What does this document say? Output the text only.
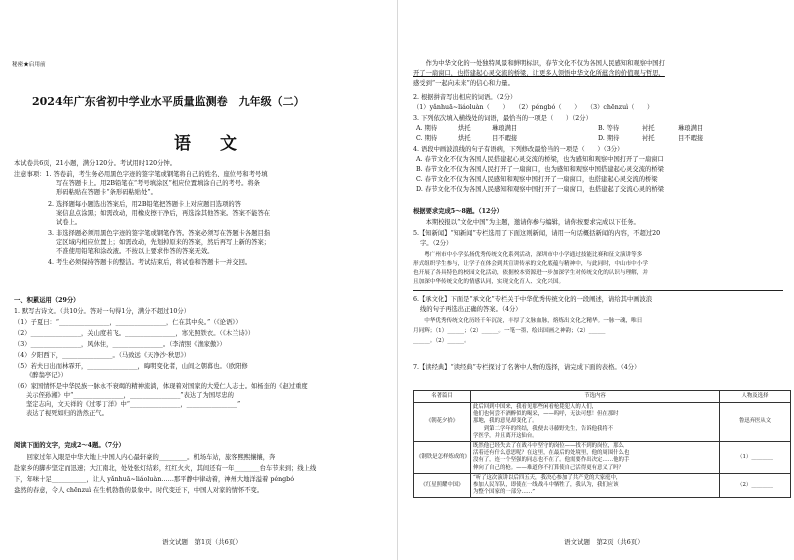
秘密★启用前
2024年广东省初中学业水平质量监测卷　九年级（二）
语　文
本试卷共6页，21小题，满分120分。考试用时120分钟。
注意事项：1. 答卷前，考生务必用黑色字迹的签字笔或钢笔将自己的姓名、座位号和考号填
写在答题卡上。用2B铅笔在“考号填涂区”相应位置填涂自己的考号。将条
形码粘贴在答题卡“条形码粘贴处”。
2. 选择题每小题选出答案后，用2B铅笔把答题卡上对应题目选项的答
案信息点涂黑；如需改动，用橡皮擦干净后，再选涂其他答案。答案不能答在
试卷上。
3. 非选择题必须用黑色字迹的签字笔或钢笔作答。答案必须写在答题卡各题目指
定区域内相应位置上；如需改动，先划掉原来的答案，然后再写上新的答案；
不准使用铅笔和涂改液。不按以上要求作答的答案无效。
4. 考生必须保持答题卡的整洁。考试结束后，将试卷和答题卡一并交回。
一、积累运用（29分）
1. 默写古诗文。（共10分。答对一句得1分，满分不超过10分）
（1）子夏曰：“________________，________________，仁在其中矣。”（《论语》）
（2）________________，关山度若飞。________________，寒光照铁衣。（《木兰诗》）
（3）________________，风休住，________________。（李清照《渔家傲》）
（4）夕阳西下，________________。（马致远《天净沙·秋思》）
（5）若夫日出而林霏开，________________，晦明变化者，山间之朝暮也。（欧阳修
《醉翁亭记》）
（6）家国情怀是中华民族一脉永不衰竭的精神流淌，体现着对国家的大爱仁人志士。如杨奎的《赵过重度
关示侄孙湘》中“________________，________________”表达了为国尽忠的
坚定志向，文天祥的《过零丁洋》中“________________，________________”
表达了视死如归的浩然正气。
阅读下面的文字，完成2～4题。（7分）
　　回家过年入眼是中华大地上中国人内心最轩豪的_________。机场车站，旅客熙熙攘攘，奔
赴家乡的脚步坚定而迅速；大江南北，处处张灯结彩，红红火火，其间还有一年________台车节来到；线上线
下，年味十足___________，让人 yǎnhuā~liáoluàn……那平静中律动着，神州大地洋溢着 péngbó
盎然的春意，令人 chēnzuì 在生机勃勃的景象中。时代变迁下，中国人对家的情怀不变。
语文试题　第1页（共6页）
　　作为中华文化的一处独特风景和鲜明标识，春节文化不仅为各国人民感知和观察中国打
开了一扇窗口，也搭建起心灵交流的桥梁，让更多人领悟中华文化所蕴含的价值观与哲思，
感受到“一起向未来”的信心和力量。
2. 根据拼音写出相应的词语。（2分）
（1）yǎnhuā~liáoluàn（　　）　　（2）péngbó（　　）　　（3）chēnzuì（　　）
3. 下列依次填入横线处的词语，最恰当的一项是（　　）（2分）
A. 期待	烘托	琳琅满目	B. 等待	衬托	琳琅满目
C. 期待	烘托	目不暇接	D. 期待	衬托	目不暇接
4. 语段中画波浪线的句子有语病，下列修改最恰当的一项是（　　）（3分）
A. 春节文化不仅为各国人民搭建起心灵交流的桥梁，也为感知和观察中国打开了一扇窗口
B. 春节文化不仅为各国人民打开了一扇窗口，也为感知和观察中国搭建起心灵交流的桥梁
C. 春节文化不仅为各国人民感知和观察中国打开了一扇窗口，也搭建起心灵交流的桥梁
D. 春节文化不仅为各国人民感知和观察中国打开了一扇窗口，也搭建起了交流心灵的桥梁
根据要求完成5～8题。（12分）
　　本期校报以“文化中国”为主题，邀请你参与编辑，请你按要求完成以下任务。
5.【知新闻】“知新闻”专栏选用了下面这则新闻，请用一句话概括新闻的内容，不超过20
字。（2分）
　　粤广州市中小学弘扬优秀传统文化系列活动，深圳市中小学通过技能比赛和征文演讲等多
形式组织学生参与，让学子在体会到其宣讲传承的文化底蕴与精神中，与此同时，中山市中小学
也开展了各具特色的校园文化活动，依据校本资源进一步加深学生对传统文化的认识与理解，并
且加深中华传统文化的情感认同，实现文化育人、文化兴国。
6.【承文化】下面是“承文化”专栏关于中华优秀传统文化的一段阐述，请给其中画波浪
线的句子再选出正确的答案。（4分）
　　中华优秀传统文化历经千年沉淀，丰厚了文脉血脉，熔炼出文化之精华。一脉一魂，唯日
月同辉；（1）______；（2）______。一笔一墨，绘出国画之神韵；（2）______
______。（2）______。
7.【读经典】“读经典”专栏探讨了名著中人物的选择，请完成下面的表格。（4分）
名著篇目	节选内容	人物及选择
《朝花夕拾》	此后回到中国来，我看见那些闲看枪毙犯人的人们，
他们也何尝不酒醉似的喝采，——呜呼，无法可想！但在那时
那地，我的意见却变化了。
　　到第二学年的终结，我便去寻藤野先生，告诉他我将不
学医学，并且离开这仙台。	鲁迅弃医从文
《钢铁是怎样炼成的》	既然他已经失去了在战斗中坚守的岗位——找不到的岗位，那么
活着还有什么意思呢？在这里，在最后的处境里，他的周围什么也
没有了，连一个坚强的同志也不在了。他需要作出决定……他的手
伸向了自己的枪。——难道你不打算使自己活得更有意义了吗？	（1）________
《红星照耀中国》	“听了这次演讲以后四五天，我决心参加了共产党的大家庭中，
参加人民军队，即使在一线战斗中牺牲了，我认为，我们应该
为整个国家的一部分……”	（2）________
语文试题　第2页（共6页）
